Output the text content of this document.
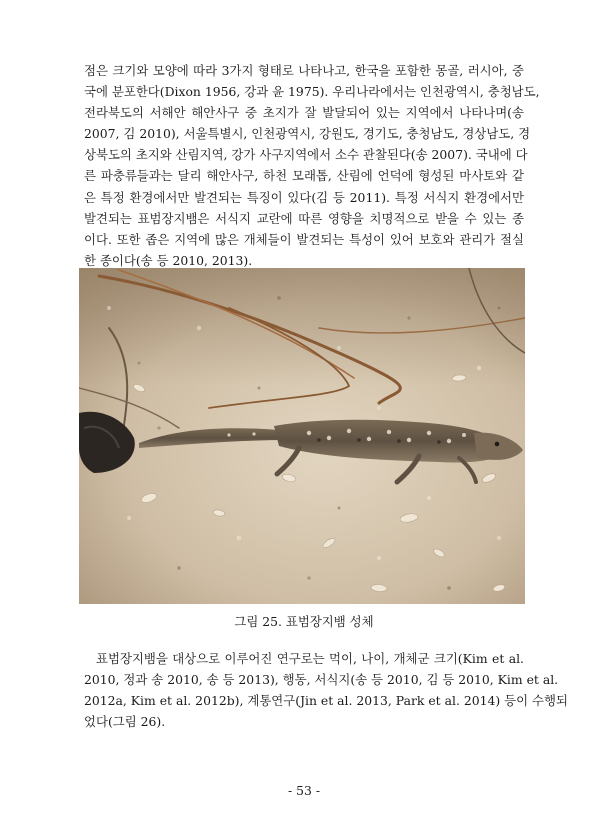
점은 크기와 모양에 따라 3가지 형태로 나타나고, 한국을 포함한 몽골, 러시아, 중
국에 분포한다(Dixon 1956, 강과 윤 1975). 우리나라에서는 인천광역시, 충청남도,
전라북도의 서해안 해안사구 중 초지가 잘 발달되어 있는 지역에서 나타나며(송
2007, 김 2010), 서울특별시, 인천광역시, 강원도, 경기도, 충청남도, 경상남도, 경
상북도의 초지와 산림지역, 강가 사구지역에서 소수 관찰된다(송 2007). 국내에 다
른 파충류들과는 달리 해안사구, 하천 모래톱, 산림에 언덕에 형성된 마사토와 같
은 특정 환경에서만 발견되는 특징이 있다(김 등 2011). 특정 서식지 환경에서만
발견되는 표범장지뱀은 서식지 교란에 따른 영향을 치명적으로 받을 수 있는 종
이다. 또한 좁은 지역에 많은 개체들이 발견되는 특성이 있어 보호와 관리가 절실
한 종이다(송 등 2010, 2013).
그림 25. 표범장지뱀 성체
표범장지뱀을 대상으로 이루어진 연구로는 먹이, 나이, 개체군 크기(Kim et al.
2010, 정과 송 2010, 송 등 2013), 행동, 서식지(송 등 2010, 김 등 2010, Kim et al.
2012a, Kim et al. 2012b), 계통연구(Jin et al. 2013, Park et al. 2014) 등이 수행되
었다(그림 26).
- 53 -
